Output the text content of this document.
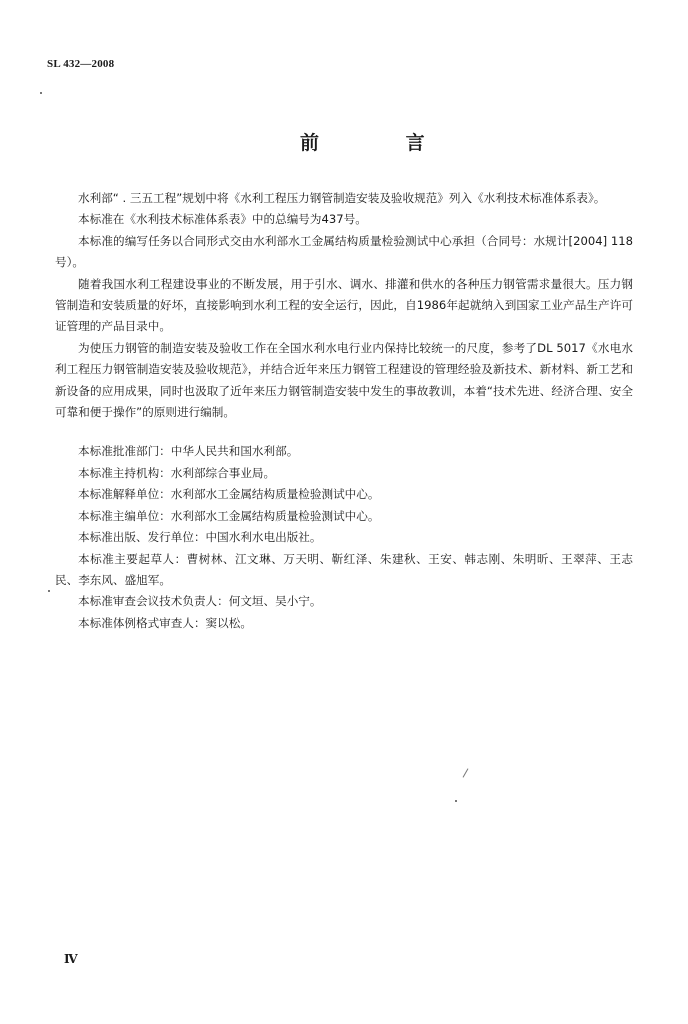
SL 432—2008
前 言

水利部“ . 三五工程”规划中将《水利工程压力钢管制造安装及验收规范》列入《水利技术标准体系表》。

本标准在《水利技术标准体系表》中的总编号为437号。

本标准的编写任务以合同形式交由水利部水工金属结构质量检验测试中心承担（合同号：水规计[2004] 118号）。

随着我国水利工程建设事业的不断发展，用于引水、调水、排灌和供水的各种压力钢管需求量很大。压力钢管制造和安装质量的好坏，直接影响到水利工程的安全运行，因此，自1986年起就纳入到国家工业产品生产许可证管理的产品目录中。

为使压力钢管的制造安装及验收工作在全国水利水电行业内保持比较统一的尺度，参考了DL 5017《水电水利工程压力钢管制造安装及验收规范》，并结合近年来压力钢管工程建设的管理经验及新技术、新材料、新工艺和新设备的应用成果，同时也汲取了近年来压力钢管制造安装中发生的事故教训，本着“技术先进、经济合理、安全可靠和便于操作”的原则进行编制。

本标准批准部门：中华人民共和国水利部。

本标准主持机构：水利部综合事业局。

本标准解释单位：水利部水工金属结构质量检验测试中心。

本标准主编单位：水利部水工金属结构质量检验测试中心。

本标准出版、发行单位：中国水利水电出版社。

本标准主要起草人：曹树林、江文琳、万天明、靳红泽、朱建秋、王安、韩志刚、朱明昕、王翠萍、王志民、李东风、盛旭军。

本标准审查会议技术负责人：何文垣、吴小宁。

本标准体例格式审查人：窦以松。

Ⅳ
